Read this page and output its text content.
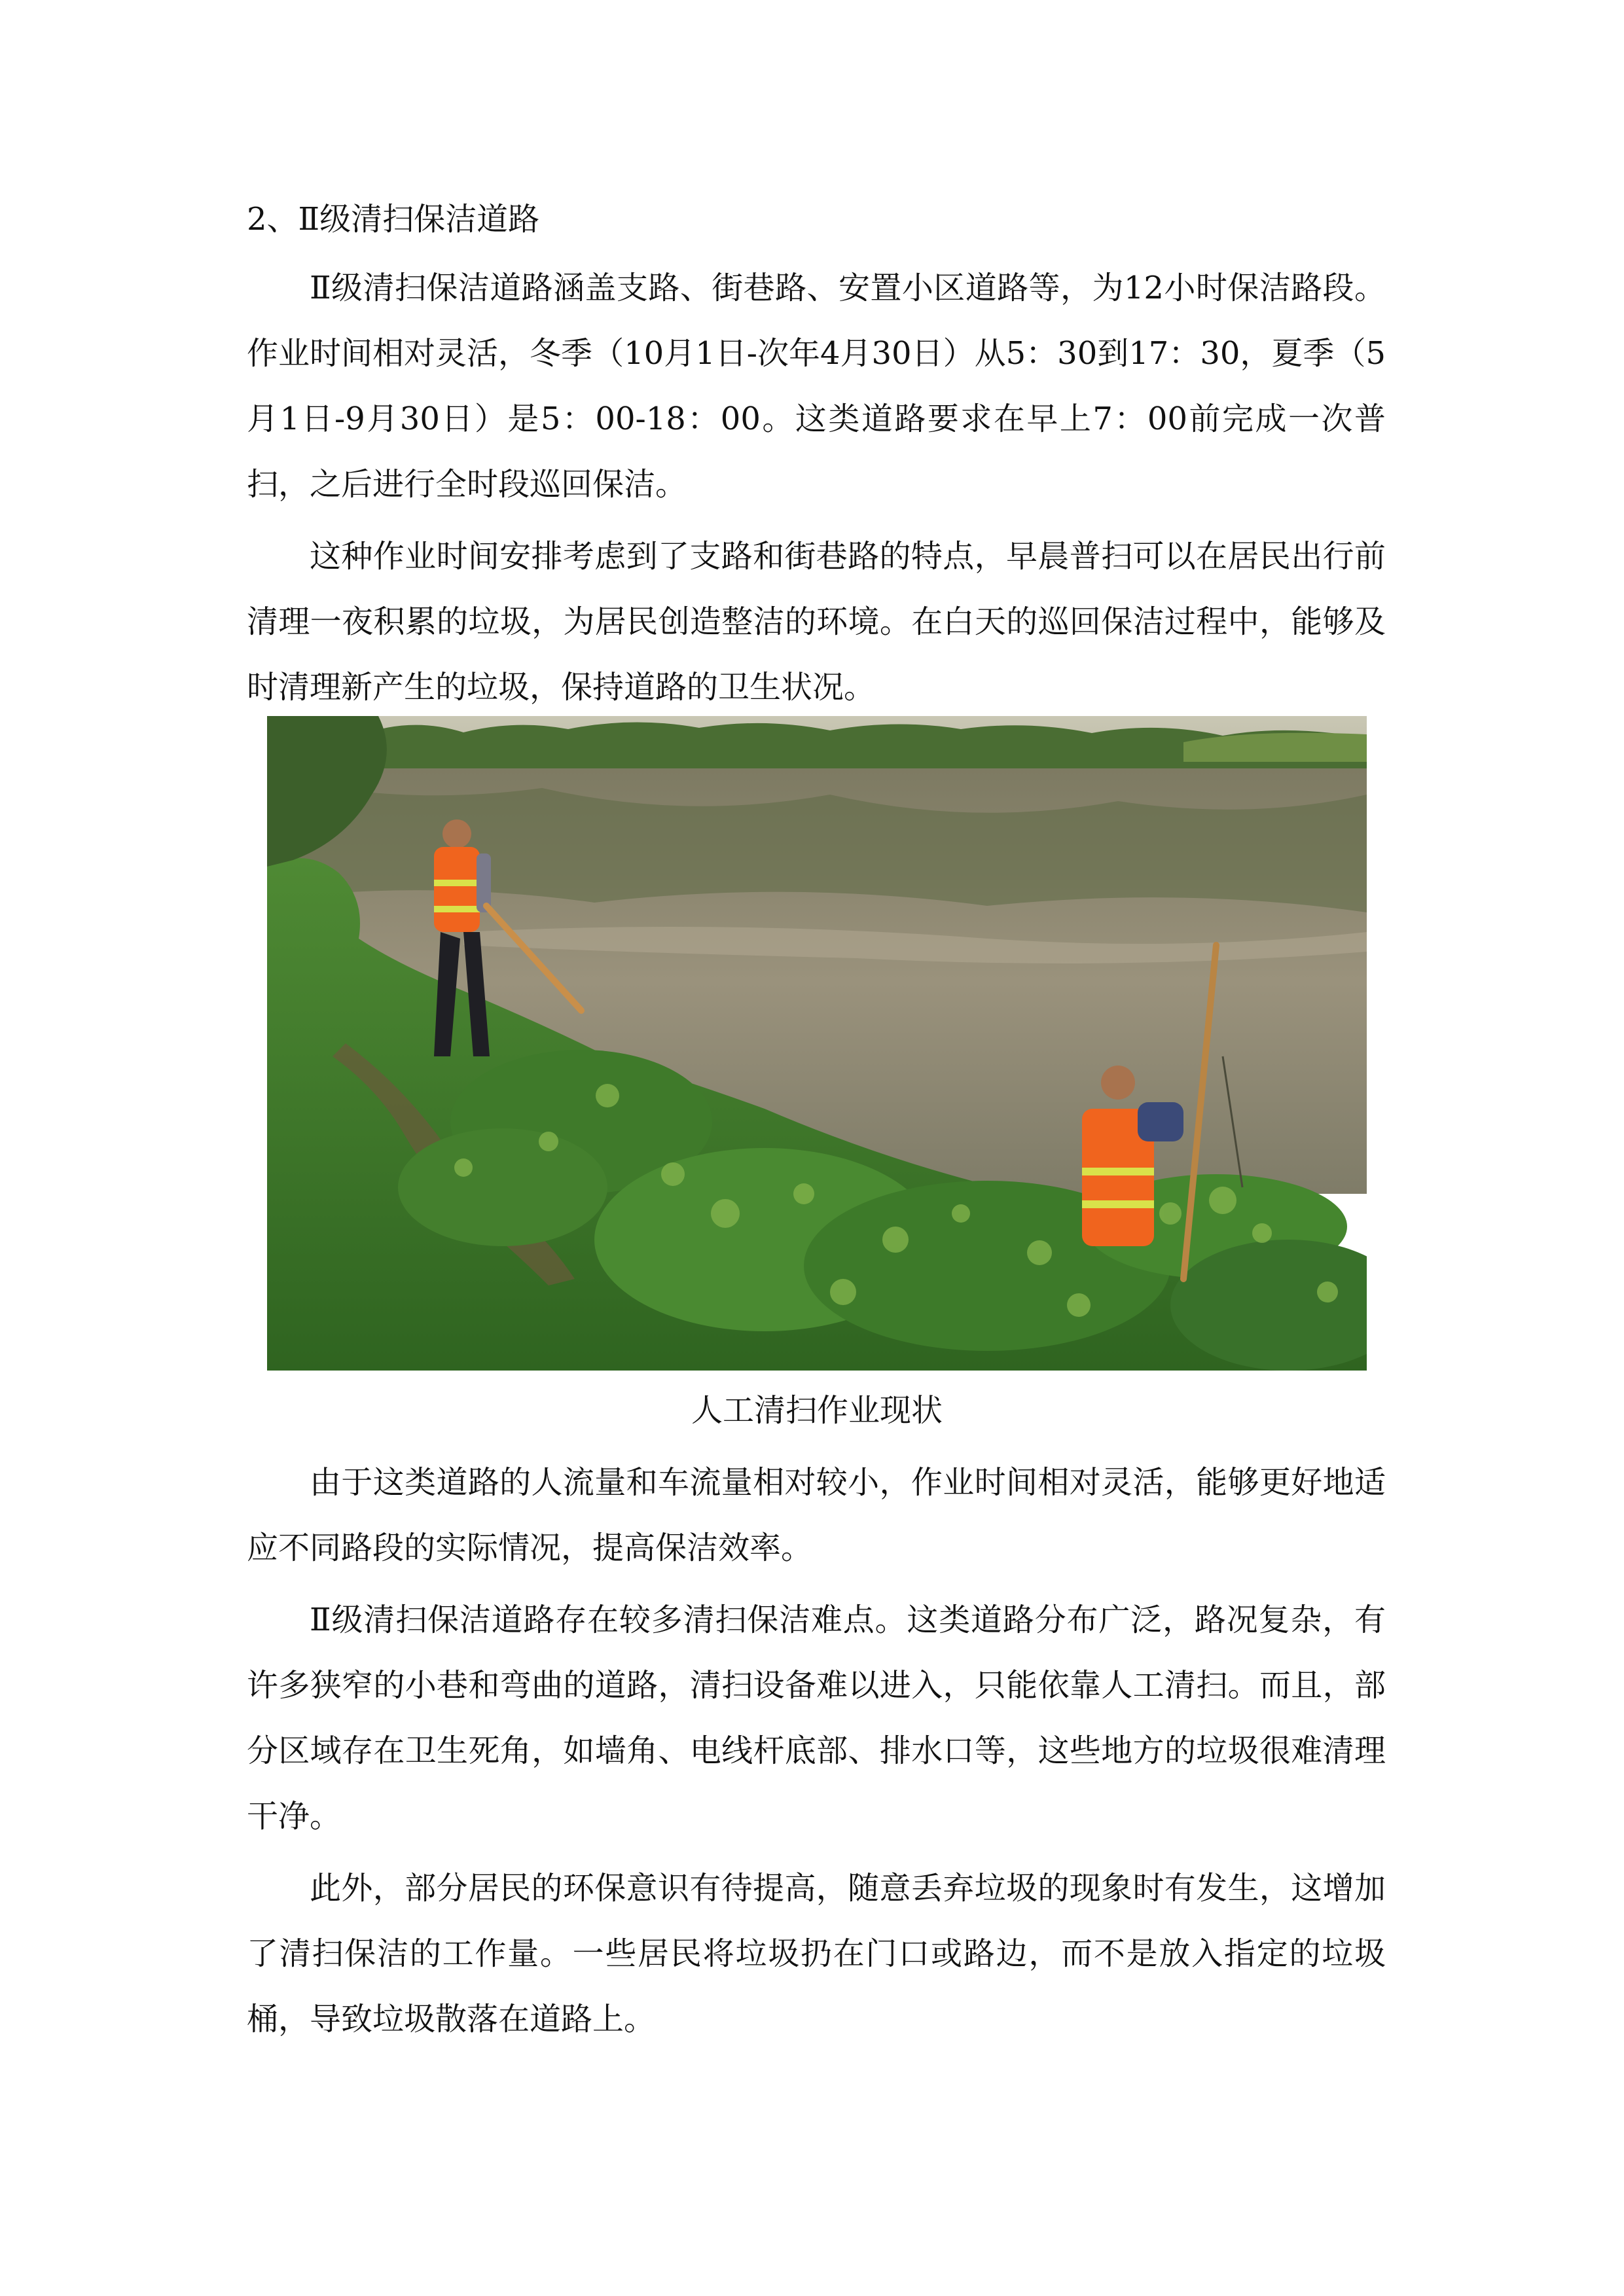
2、Ⅱ级清扫保洁道路

Ⅱ级清扫保洁道路涵盖支路、街巷路、安置小区道路等，为12小时保洁路段。作业时间相对灵活，冬季（10月1日-次年4月30日）从5：30到17：30，夏季（5月1日-9月30日）是5：00-18：00。这类道路要求在早上7：00前完成一次普扫，之后进行全时段巡回保洁。

这种作业时间安排考虑到了支路和街巷路的特点，早晨普扫可以在居民出行前清理一夜积累的垃圾，为居民创造整洁的环境。在白天的巡回保洁过程中，能够及时清理新产生的垃圾，保持道路的卫生状况。

人工清扫作业现状

由于这类道路的人流量和车流量相对较小，作业时间相对灵活，能够更好地适应不同路段的实际情况，提高保洁效率。

Ⅱ级清扫保洁道路存在较多清扫保洁难点。这类道路分布广泛，路况复杂，有许多狭窄的小巷和弯曲的道路，清扫设备难以进入，只能依靠人工清扫。而且，部分区域存在卫生死角，如墙角、电线杆底部、排水口等，这些地方的垃圾很难清理干净。

此外，部分居民的环保意识有待提高，随意丢弃垃圾的现象时有发生，这增加了清扫保洁的工作量。一些居民将垃圾扔在门口或路边，而不是放入指定的垃圾桶，导致垃圾散落在道路上。
